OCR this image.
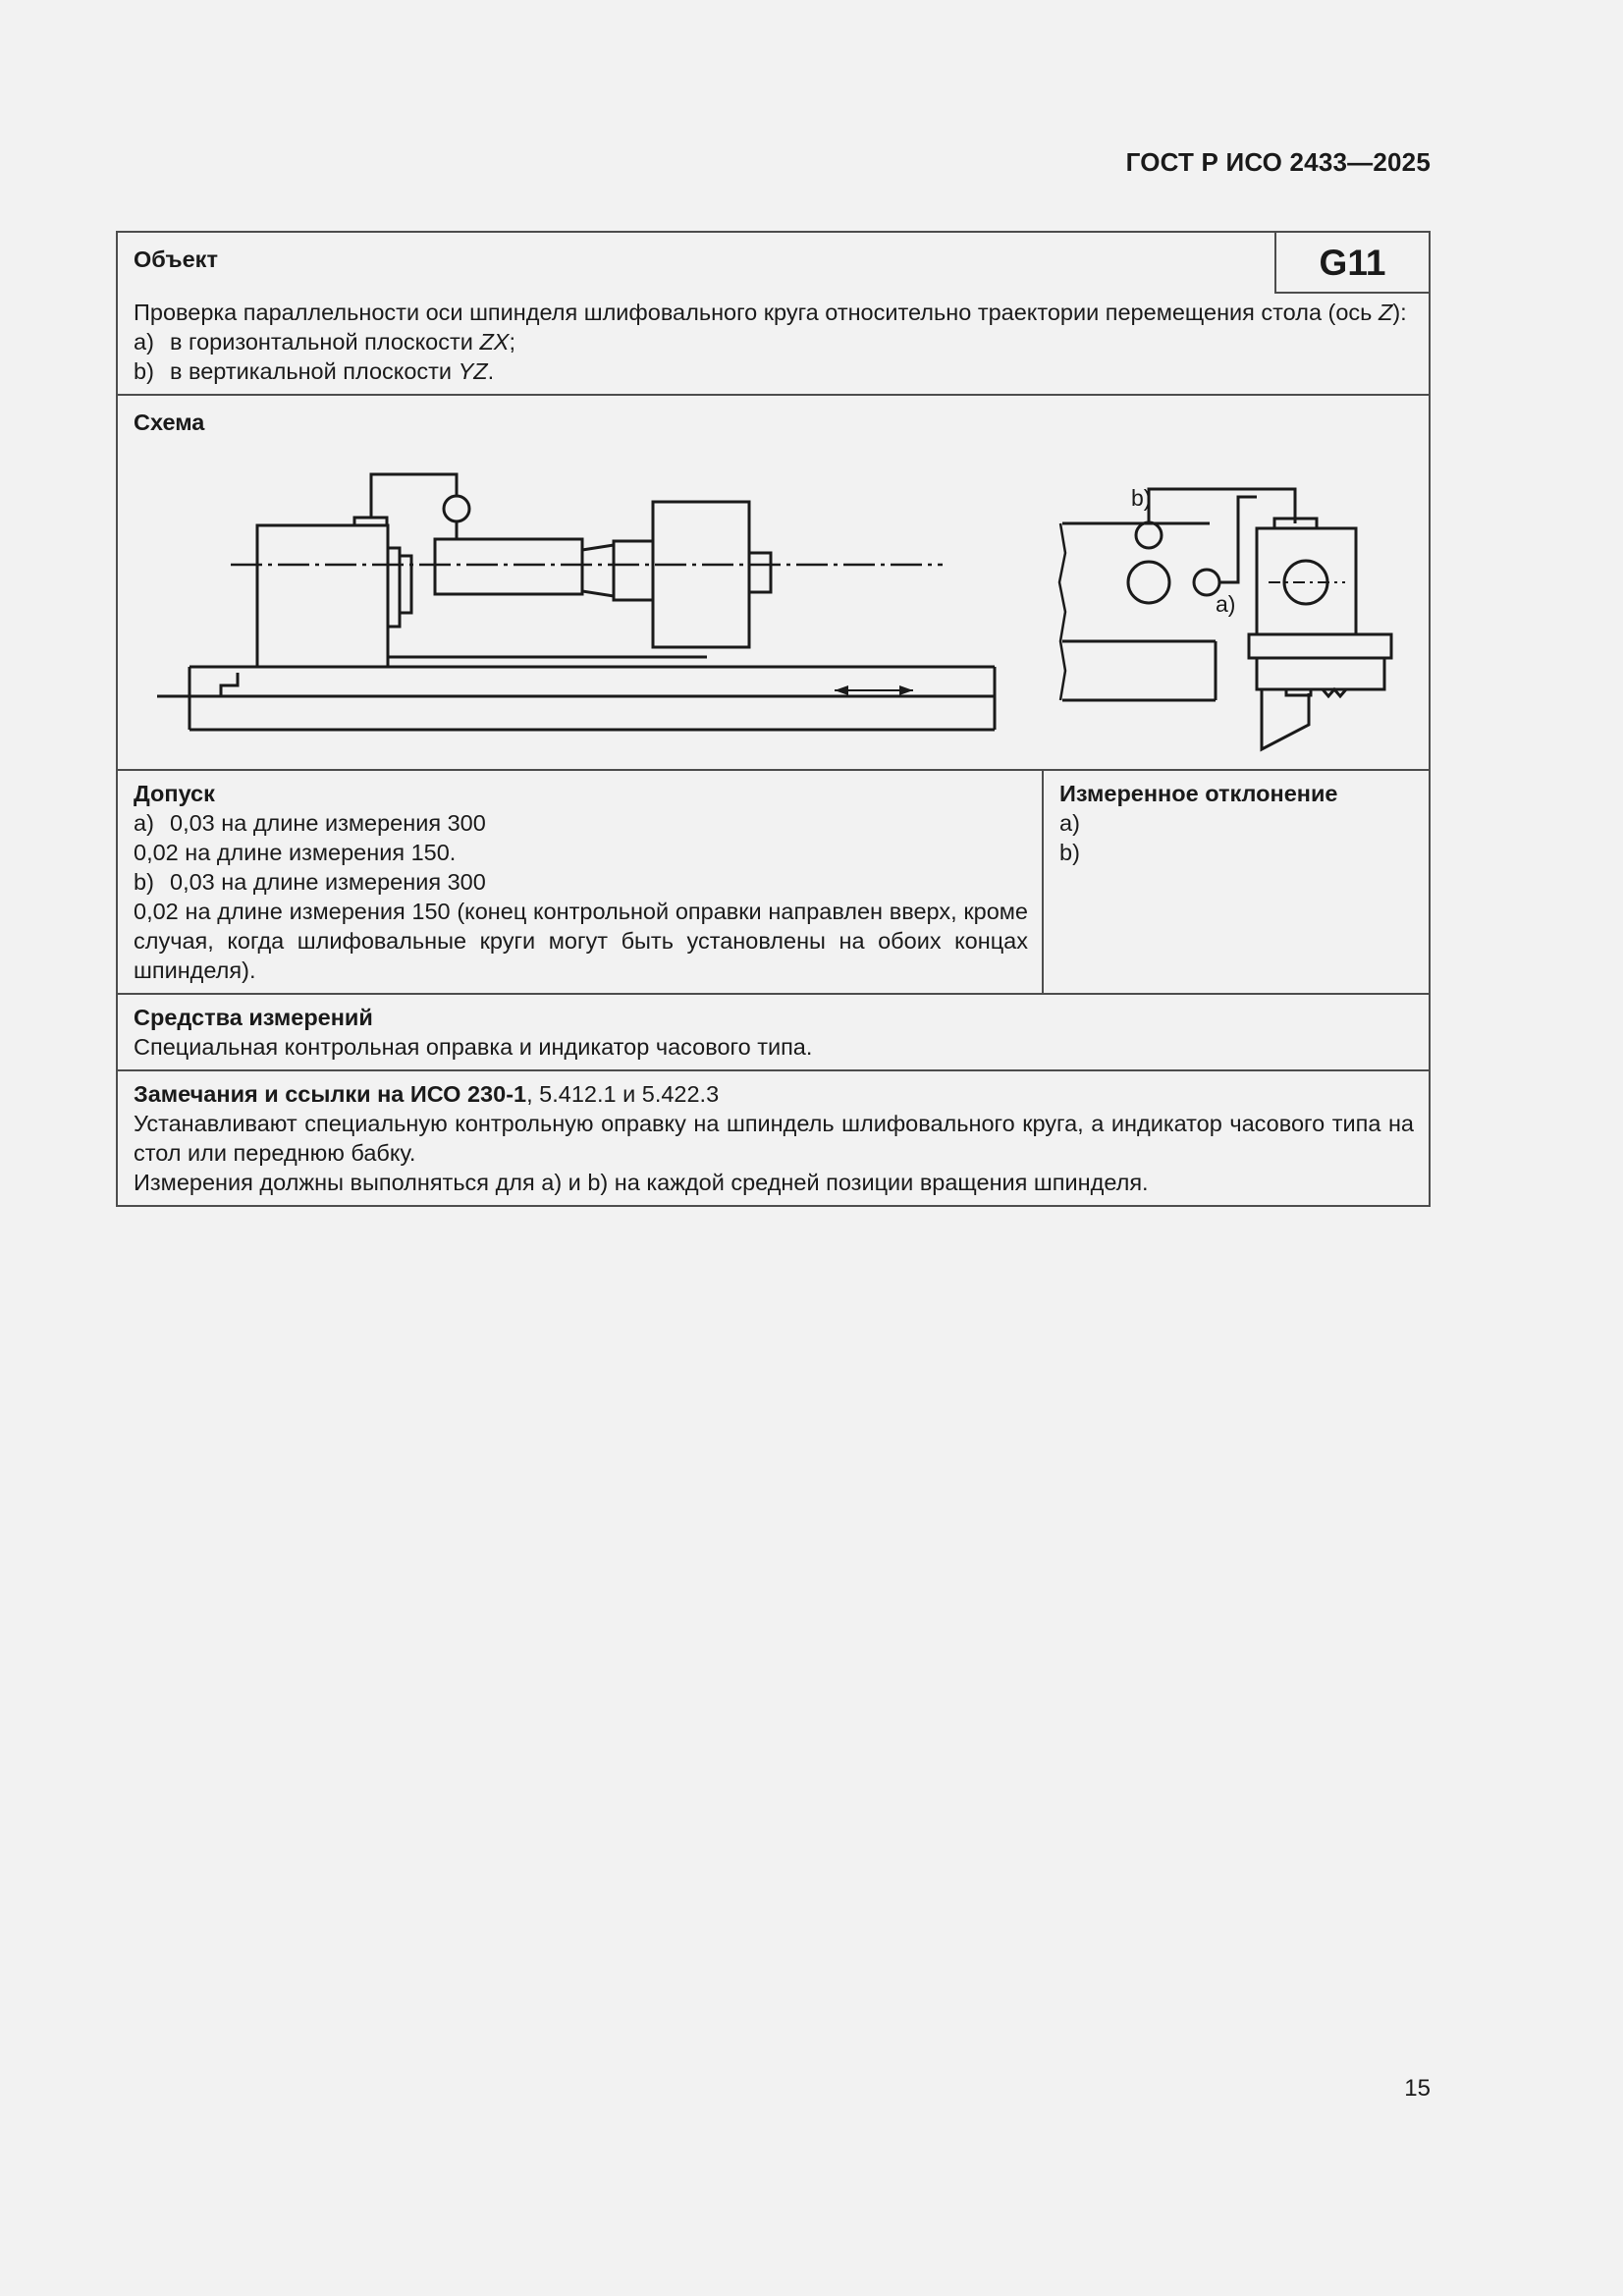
ГОСТ Р ИСО 2433—2025
Объект	G11
Проверка параллельности оси шпинделя шлифовального круга относительно траектории перемещения стола (ось Z):
a) в горизонтальной плоскости ZX;
b) в вертикальной плоскости YZ.
Схема
b)
a)
Допуск
a) 0,03 на длине измерения 300
0,02 на длине измерения 150.
b) 0,03 на длине измерения 300
0,02 на длине измерения 150 (конец контрольной оправки направлен вверх, кроме случая, когда шлифовальные круги могут быть установлены на обоих концах шпинделя).
Измеренное отклонение
a)
b)
Средства измерений
Специальная контрольная оправка и индикатор часового типа.
Замечания и ссылки на ИСО 230-1, 5.412.1 и 5.422.3
Устанавливают специальную контрольную оправку на шпиндель шлифовального круга, а индикатор часового типа на стол или переднюю бабку.
Измерения должны выполняться для a) и b) на каждой средней позиции вращения шпинделя.
15
